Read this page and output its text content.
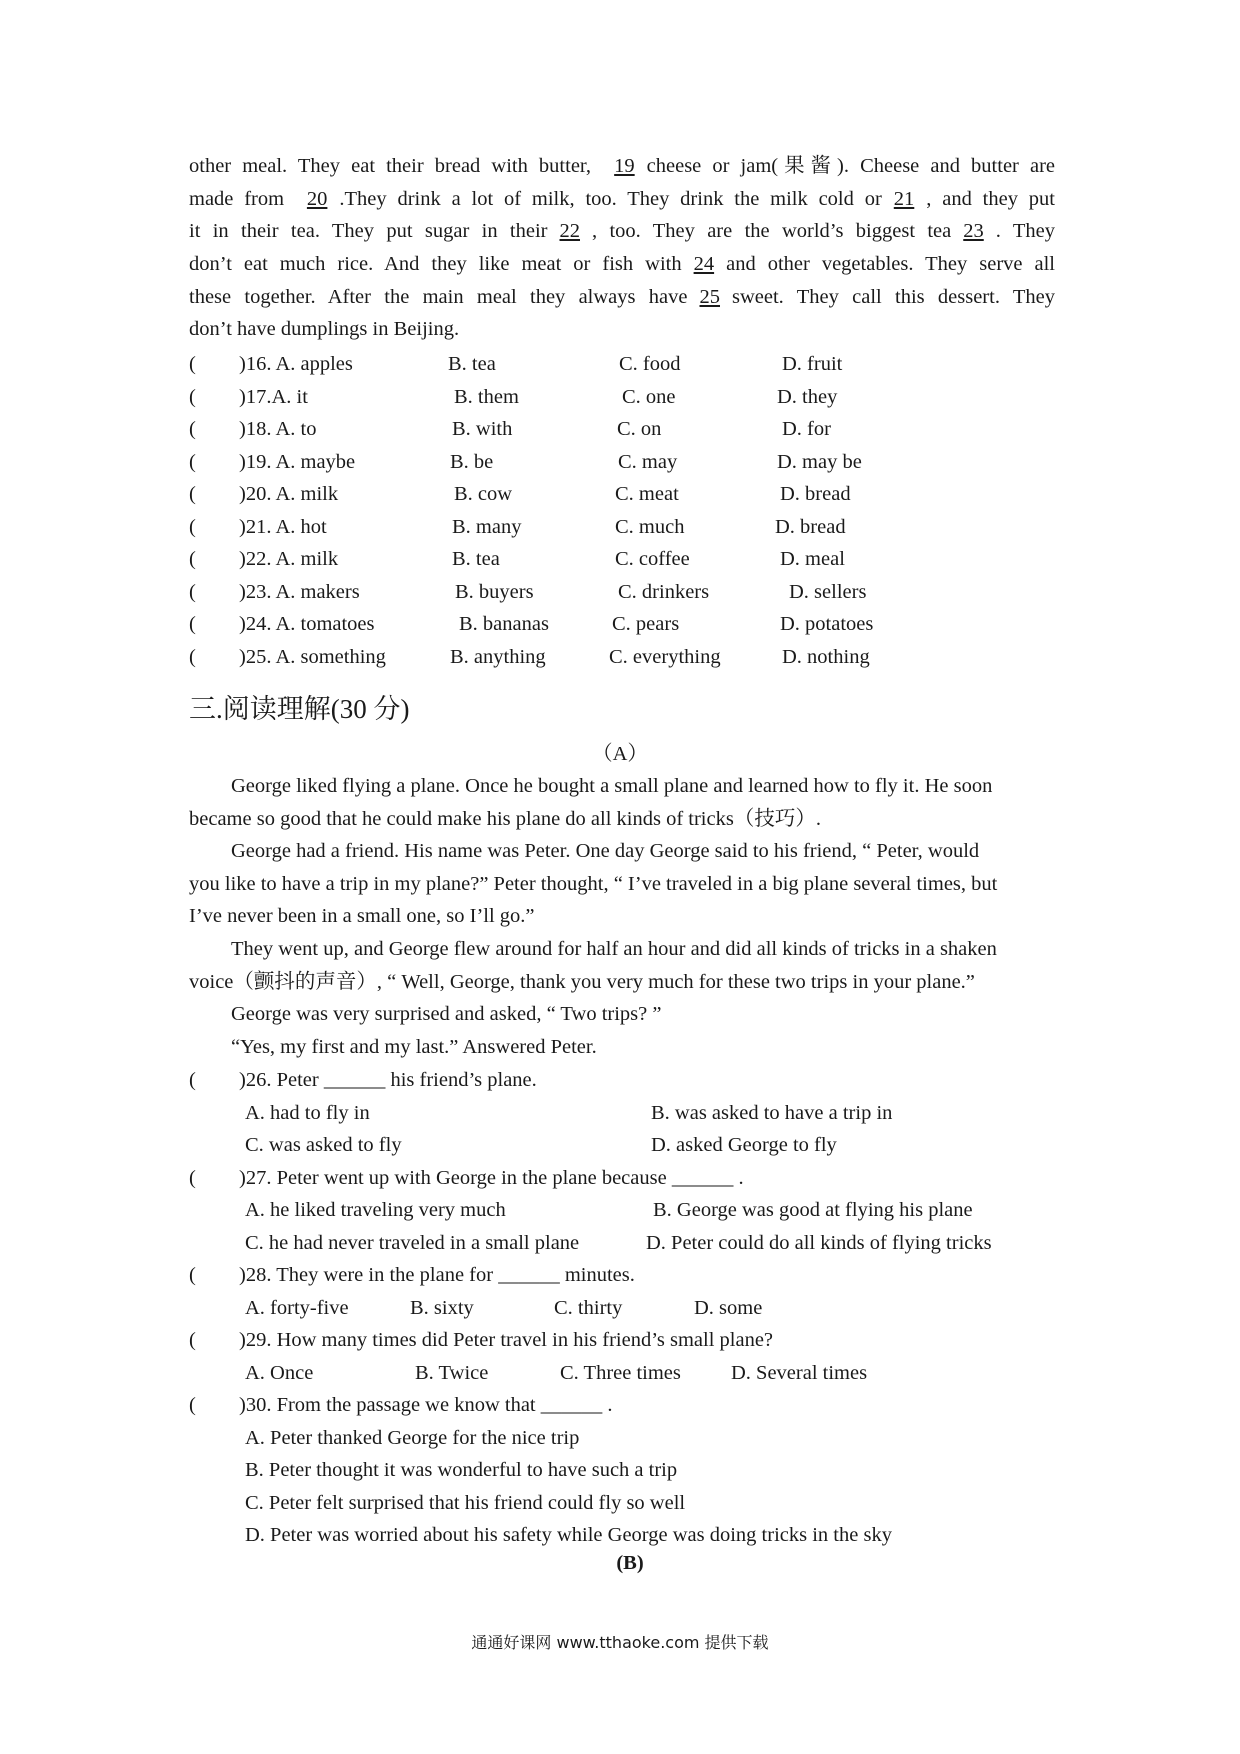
other meal. They eat their bread with butter, 19 cheese or jam(果酱). Cheese and butter are
made from 20 .They drink a lot of milk, too. They drink the milk cold or 21 , and they put
it in their tea. They put sugar in their 22 , too. They are the world’s biggest tea 23 . They
don’t eat much rice. And they like meat or fish with 24 and other vegetables. They serve all
these together. After the main meal they always have 25 sweet. They call this dessert. They
don’t have dumplings in Beijing.
( )16. A. apples	B. tea	C. food	D. fruit
( )17.A. it	B. them	C. one	D. they
( )18. A. to	B. with	C. on	D. for
( )19. A. maybe	B. be	C. may	D. may be
( )20. A. milk	B. cow	C. meat	D. bread
( )21. A. hot	B. many	C. much	D. bread
( )22. A. milk	B. tea	C. coffee	D. meal
( )23. A. makers	B. buyers	C. drinkers	D. sellers
( )24. A. tomatoes	B. bananas	C. pears	D. potatoes
( )25. A. something	B. anything	C. everything	D. nothing
三.阅读理解(30 分)
（A）

George liked flying a plane. Once he bought a small plane and learned how to fly it. He soon

became so good that he could make his plane do all kinds of tricks（技巧）.

George had a friend. His name was Peter. One day George said to his friend, “ Peter, would

you like to have a trip in my plane?” Peter thought, “ I’ve traveled in a big plane several times, but

I’ve never been in a small one, so I’ll go.”

They went up, and George flew around for half an hour and did all kinds of tricks in a shaken

voice（颤抖的声音）, “ Well, George, thank you very much for these two trips in your plane.”

George was very surprised and asked, “ Two trips? ”

“Yes, my first and my last.” Answered Peter.

( )26. Peter ______ his friend’s plane.
A. had to fly in	B. was asked to have a trip in
C. was asked to fly	D. asked George to fly
( )27. Peter went up with George in the plane because ______ .
A. he liked traveling very much	B. George was good at flying his plane
C. he had never traveled in a small plane	D. Peter could do all kinds of flying tricks
( )28. They were in the plane for ______ minutes.
A. forty-five	B. sixty	C. thirty	D. some
( )29. How many times did Peter travel in his friend’s small plane?
A. Once	B. Twice	C. Three times D. Several times
( )30. From the passage we know that ______ .
A. Peter thanked George for the nice trip
B. Peter thought it was wonderful to have such a trip
C. Peter felt surprised that his friend could fly so well
D. Peter was worried about his safety while George was doing tricks in the sky
(B)
通通好课网 www.tthaoke.com 提供下载
